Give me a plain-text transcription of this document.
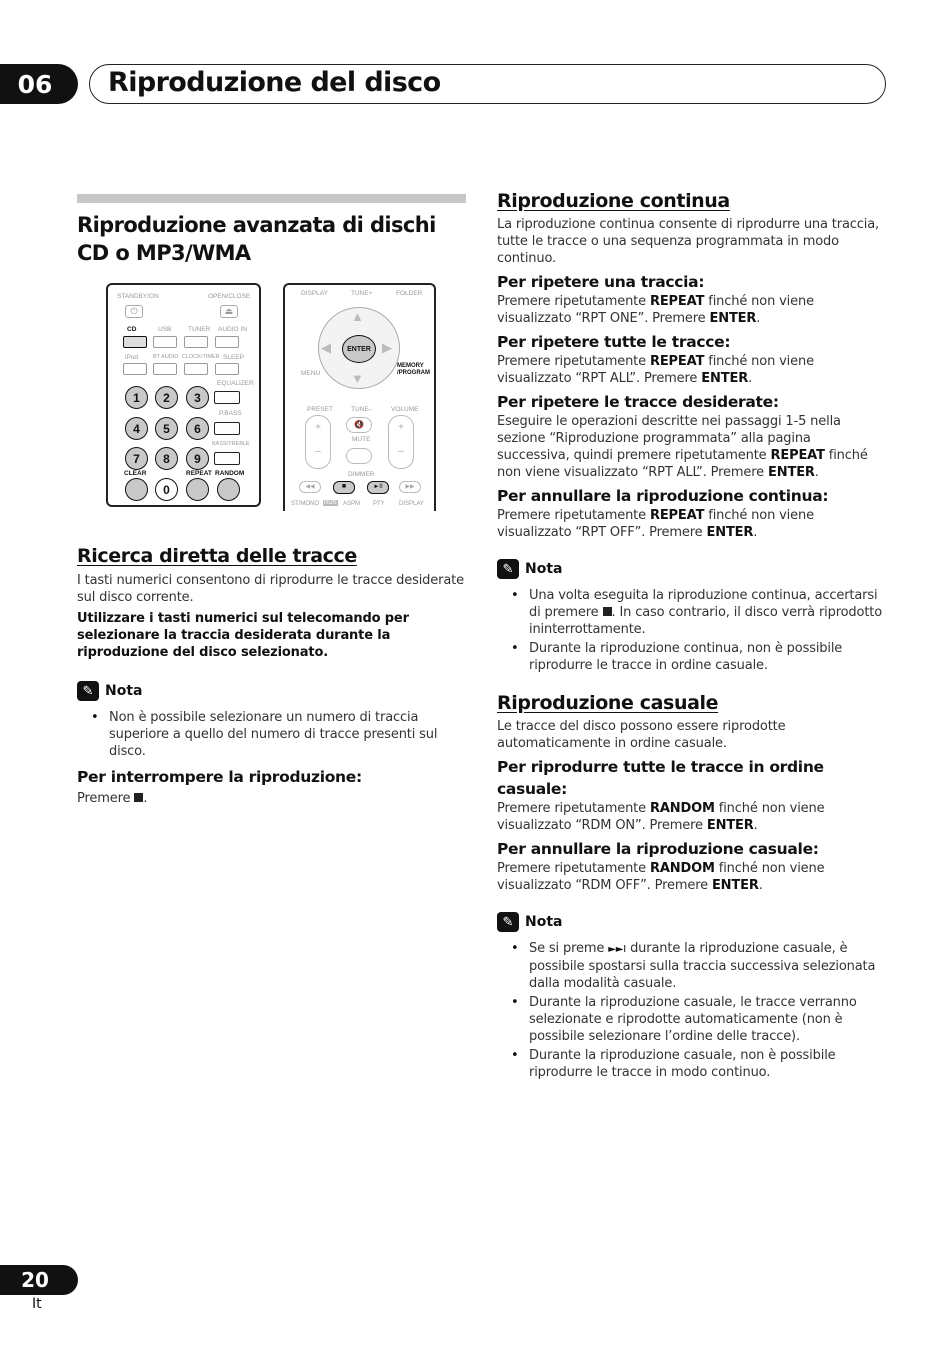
06 Riproduzione del disco
Riproduzione avanzata di dischi CD o MP3/WMA
STANDBY/ON	OPEN/CLOSE
⏻	⏏
CD	USB	TUNER AUDIO IN
iPod	BT AUDIO CLOCK/TIMER SLEEP
EQUALIZER
P.BASS
BASS/TREBLE
1	2	3
4	5	6
7	8	9
CLEAR	REPEAT RANDOM
0
DISPLAY	TUNE+	FOLDER
▲
▼
◀	▶
ENTER
MEMORY /PROGRAM
MENU
PRESET	TUNE–	VOLUME
+
–
🔇
MUTE
+
–
DIMMER
◀◀	■	►II	▶▶
ST/MONO RDS ASPM PTY DISPLAY
Ricerca diretta delle tracce

I tasti numerici consentono di riprodurre le tracce desiderate sul disco corrente.

Utilizzare i tasti numerici sul telecomando per selezionare la traccia desiderata durante la riproduzione del disco selezionato.

✎ Nota
• Non è possibile selezionare un numero di traccia superiore a quello del numero di tracce presenti sul disco.
Per interrompere la riproduzione:

Premere .

Riproduzione continua

La riproduzione continua consente di riprodurre una traccia, tutte le tracce o una sequenza programmata in modo continuo.

Per ripetere una traccia:

Premere ripetutamente REPEAT finché non viene visualizzato “RPT ONE”. Premere ENTER.

Per ripetere tutte le tracce:

Premere ripetutamente REPEAT finché non viene visualizzato “RPT ALL”. Premere ENTER.

Per ripetere le tracce desiderate:

Eseguire le operazioni descritte nei passaggi 1-5 nella sezione “Riproduzione programmata” alla pagina successiva, quindi premere ripetutamente REPEAT finché non viene visualizzato “RPT ALL”. Premere ENTER.

Per annullare la riproduzione continua:

Premere ripetutamente REPEAT finché non viene visualizzato “RPT OFF”. Premere ENTER.

✎ Nota
• Una volta eseguita la riproduzione continua, accertarsi di premere . In caso contrario, il disco verrà riprodotto ininterrottamente.
• Durante la riproduzione continua, non è possibile riprodurre le tracce in ordine casuale.
Riproduzione casuale

Le tracce del disco possono essere riprodotte automaticamente in ordine casuale.

Per riprodurre tutte le tracce in ordine casuale:

Premere ripetutamente RANDOM finché non viene visualizzato “RDM ON”. Premere ENTER.

Per annullare la riproduzione casuale:

Premere ripetutamente RANDOM finché non viene visualizzato “RDM OFF”. Premere ENTER.

✎ Nota
• Se si preme ►►I durante la riproduzione casuale, è possibile spostarsi sulla traccia successiva selezionata dalla modalità casuale.
• Durante la riproduzione casuale, le tracce verranno selezionate e riprodotte automaticamente (non è possibile selezionare l’ordine delle tracce).
• Durante la riproduzione casuale, non è possibile riprodurre le tracce in modo continuo.
20
It
